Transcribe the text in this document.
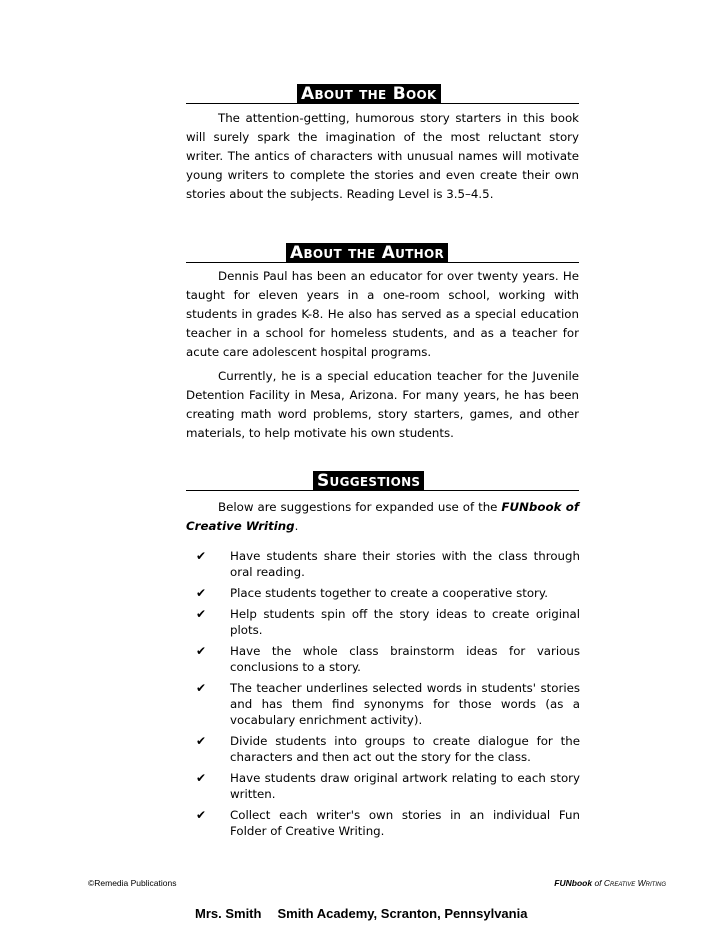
About the Book

The attention-getting, humorous story starters in this book will surely spark the imagination of the most reluctant story writer. The antics of characters with unusual names will motivate young writers to complete the stories and even create their own stories about the subjects. Reading Level is 3.5–4.5.

About the Author

Dennis Paul has been an educator for over twenty years. He taught for eleven years in a one-room school, working with students in grades K-8. He also has served as a special education teacher in a school for homeless students, and as a teacher for acute care adolescent hospital programs.

Currently, he is a special education teacher for the Juvenile Detention Facility in Mesa, Arizona. For many years, he has been creating math word problems, story starters, games, and other materials, to help motivate his own students.

Suggestions

Below are suggestions for expanded use of the FUNbook of Creative Writing.

✔	Have students share their stories with the class through oral reading.
✔	Place students together to create a cooperative story.
✔	Help students spin off the story ideas to create original plots.
✔	Have the whole class brainstorm ideas for various conclusions to a story.
✔	The teacher underlines selected words in students' stories and has them find synonyms for those words (as a vocabulary enrichment activity).
✔	Divide students into groups to create dialogue for the characters and then act out the story for the class.
✔	Have students draw original artwork relating to each story written.
✔	Collect each writer's own stories in an individual Fun Folder of Creative Writing.
©Remedia Publications	FUNbook of Creative Writing
Mrs. Smith Smith Academy, Scranton, Pennsylvania
